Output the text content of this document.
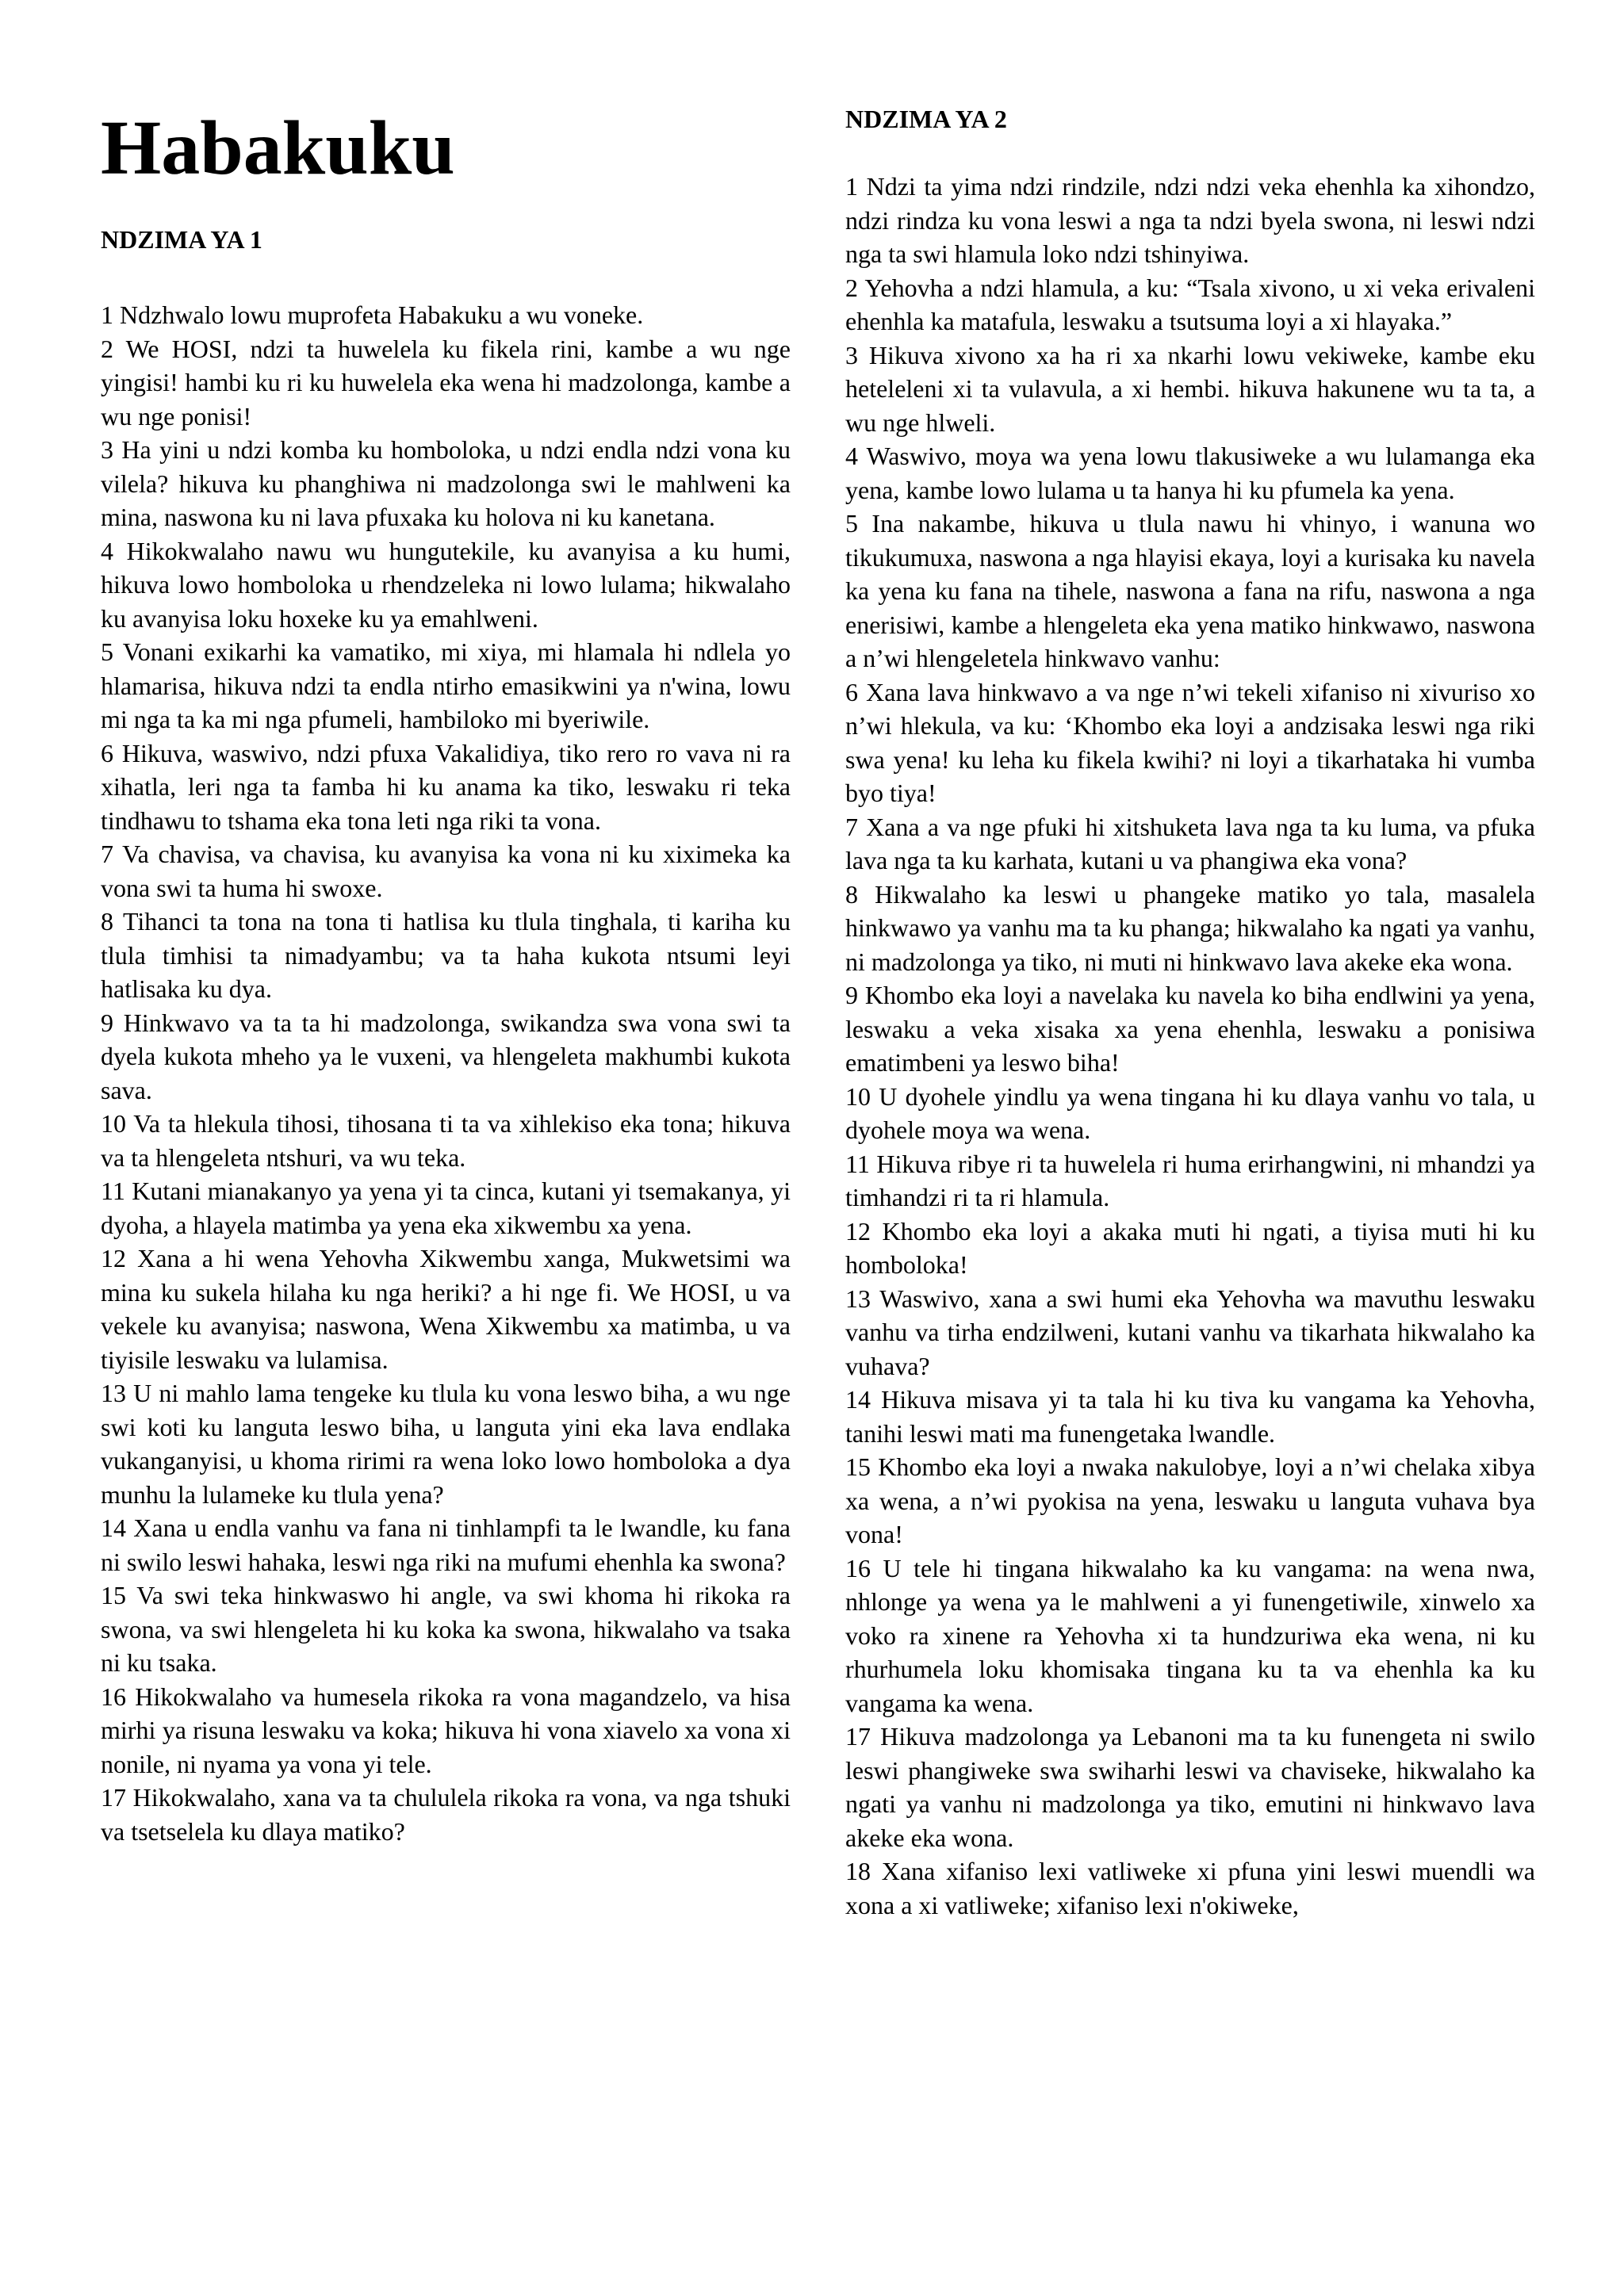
Habakuku
NDZIMA YA 1

1 Ndzhwalo lowu muprofeta Habakuku a wu voneke.

2 We HOSI, ndzi ta huwelela ku fikela rini, kambe a wu nge yingisi! hambi ku ri ku huwelela eka wena hi madzolonga, kambe a wu nge ponisi!

3 Ha yini u ndzi komba ku homboloka, u ndzi endla ndzi vona ku vilela? hikuva ku phanghiwa ni madzolonga swi le mahlweni ka mina, naswona ku ni lava pfuxaka ku holova ni ku kanetana.

4 Hikokwalaho nawu wu hungutekile, ku avanyisa a ku humi, hikuva lowo homboloka u rhendzeleka ni lowo lulama; hikwalaho ku avanyisa loku hoxeke ku ya emahlweni.

5 Vonani exikarhi ka vamatiko, mi xiya, mi hlamala hi ndlela yo hlamarisa, hikuva ndzi ta endla ntirho emasikwini ya n'wina, lowu mi nga ta ka mi nga pfumeli, hambiloko mi byeriwile.

6 Hikuva, waswivo, ndzi pfuxa Vakalidiya, tiko rero ro vava ni ra xihatla, leri nga ta famba hi ku anama ka tiko, leswaku ri teka tindhawu to tshama eka tona leti nga riki ta vona.

7 Va chavisa, va chavisa, ku avanyisa ka vona ni ku xiximeka ka vona swi ta huma hi swoxe.

8 Tihanci ta tona na tona ti hatlisa ku tlula tinghala, ti kariha ku tlula timhisi ta nimadyambu; va ta haha kukota ntsumi leyi hatlisaka ku dya.

9 Hinkwavo va ta ta hi madzolonga, swikandza swa vona swi ta dyela kukota mheho ya le vuxeni, va hlengeleta makhumbi kukota sava.

10 Va ta hlekula tihosi, tihosana ti ta va xihlekiso eka tona; hikuva va ta hlengeleta ntshuri, va wu teka.

11 Kutani mianakanyo ya yena yi ta cinca, kutani yi tsemakanya, yi dyoha, a hlayela matimba ya yena eka xikwembu xa yena.

12 Xana a hi wena Yehovha Xikwembu xanga, Mukwetsimi wa mina ku sukela hilaha ku nga heriki? a hi nge fi. We HOSI, u va vekele ku avanyisa; naswona, Wena Xikwembu xa matimba, u va tiyisile leswaku va lulamisa.

13 U ni mahlo lama tengeke ku tlula ku vona leswo biha, a wu nge swi koti ku languta leswo biha, u languta yini eka lava endlaka vukanganyisi, u khoma ririmi ra wena loko lowo homboloka a dya munhu la lulameke ku tlula yena?

14 Xana u endla vanhu va fana ni tinhlampfi ta le lwandle, ku fana ni swilo leswi hahaka, leswi nga riki na mufumi ehenhla ka swona?

15 Va swi teka hinkwaswo hi angle, va swi khoma hi rikoka ra swona, va swi hlengeleta hi ku koka ka swona, hikwalaho va tsaka ni ku tsaka.

16 Hikokwalaho va humesela rikoka ra vona magandzelo, va hisa mirhi ya risuna leswaku va koka; hikuva hi vona xiavelo xa vona xi nonile, ni nyama ya vona yi tele.

17 Hikokwalaho, xana va ta chululela rikoka ra vona, va nga tshuki va tsetselela ku dlaya matiko?

NDZIMA YA 2

1 Ndzi ta yima ndzi rindzile, ndzi ndzi veka ehenhla ka xihondzo, ndzi rindza ku vona leswi a nga ta ndzi byela swona, ni leswi ndzi nga ta swi hlamula loko ndzi tshinyiwa.

2 Yehovha a ndzi hlamula, a ku: “Tsala xivono, u xi veka erivaleni ehenhla ka matafula, leswaku a tsutsuma loyi a xi hlayaka.”

3 Hikuva xivono xa ha ri xa nkarhi lowu vekiweke, kambe eku heteleleni xi ta vulavula, a xi hembi. hikuva hakunene wu ta ta, a wu nge hlweli.

4 Waswivo, moya wa yena lowu tlakusiweke a wu lulamanga eka yena, kambe lowo lulama u ta hanya hi ku pfumela ka yena.

5 Ina nakambe, hikuva u tlula nawu hi vhinyo, i wanuna wo tikukumuxa, naswona a nga hlayisi ekaya, loyi a kurisaka ku navela ka yena ku fana na tihele, naswona a fana na rifu, naswona a nga enerisiwi, kambe a hlengeleta eka yena matiko hinkwawo, naswona a n’wi hlengeletela hinkwavo vanhu:

6 Xana lava hinkwavo a va nge n’wi tekeli xifaniso ni xivuriso xo n’wi hlekula, va ku: ‘Khombo eka loyi a andzisaka leswi nga riki swa yena! ku leha ku fikela kwihi? ni loyi a tikarhataka hi vumba byo tiya!

7 Xana a va nge pfuki hi xitshuketa lava nga ta ku luma, va pfuka lava nga ta ku karhata, kutani u va phangiwa eka vona?

8 Hikwalaho ka leswi u phangeke matiko yo tala, masalela hinkwawo ya vanhu ma ta ku phanga; hikwalaho ka ngati ya vanhu, ni madzolonga ya tiko, ni muti ni hinkwavo lava akeke eka wona.

9 Khombo eka loyi a navelaka ku navela ko biha endlwini ya yena, leswaku a veka xisaka xa yena ehenhla, leswaku a ponisiwa ematimbeni ya leswo biha!

10 U dyohele yindlu ya wena tingana hi ku dlaya vanhu vo tala, u dyohele moya wa wena.

11 Hikuva ribye ri ta huwelela ri huma erirhangwini, ni mhandzi ya timhandzi ri ta ri hlamula.

12 Khombo eka loyi a akaka muti hi ngati, a tiyisa muti hi ku homboloka!

13 Waswivo, xana a swi humi eka Yehovha wa mavuthu leswaku vanhu va tirha endzilweni, kutani vanhu va tikarhata hikwalaho ka vuhava?

14 Hikuva misava yi ta tala hi ku tiva ku vangama ka Yehovha, tanihi leswi mati ma funengetaka lwandle.

15 Khombo eka loyi a nwaka nakulobye, loyi a n’wi chelaka xibya xa wena, a n’wi pyokisa na yena, leswaku u languta vuhava bya vona!

16 U tele hi tingana hikwalaho ka ku vangama: na wena nwa, nhlonge ya wena ya le mahlweni a yi funengetiwile, xinwelo xa voko ra xinene ra Yehovha xi ta hundzuriwa eka wena, ni ku rhurhumela loku khomisaka tingana ku ta va ehenhla ka ku vangama ka wena.

17 Hikuva madzolonga ya Lebanoni ma ta ku funengeta ni swilo leswi phangiweke swa swiharhi leswi va chaviseke, hikwalaho ka ngati ya vanhu ni madzolonga ya tiko, emutini ni hinkwavo lava akeke eka wona.

18 Xana xifaniso lexi vatliweke xi pfuna yini leswi muendli wa xona a xi vatliweke; xifaniso lexi n'okiweke,
